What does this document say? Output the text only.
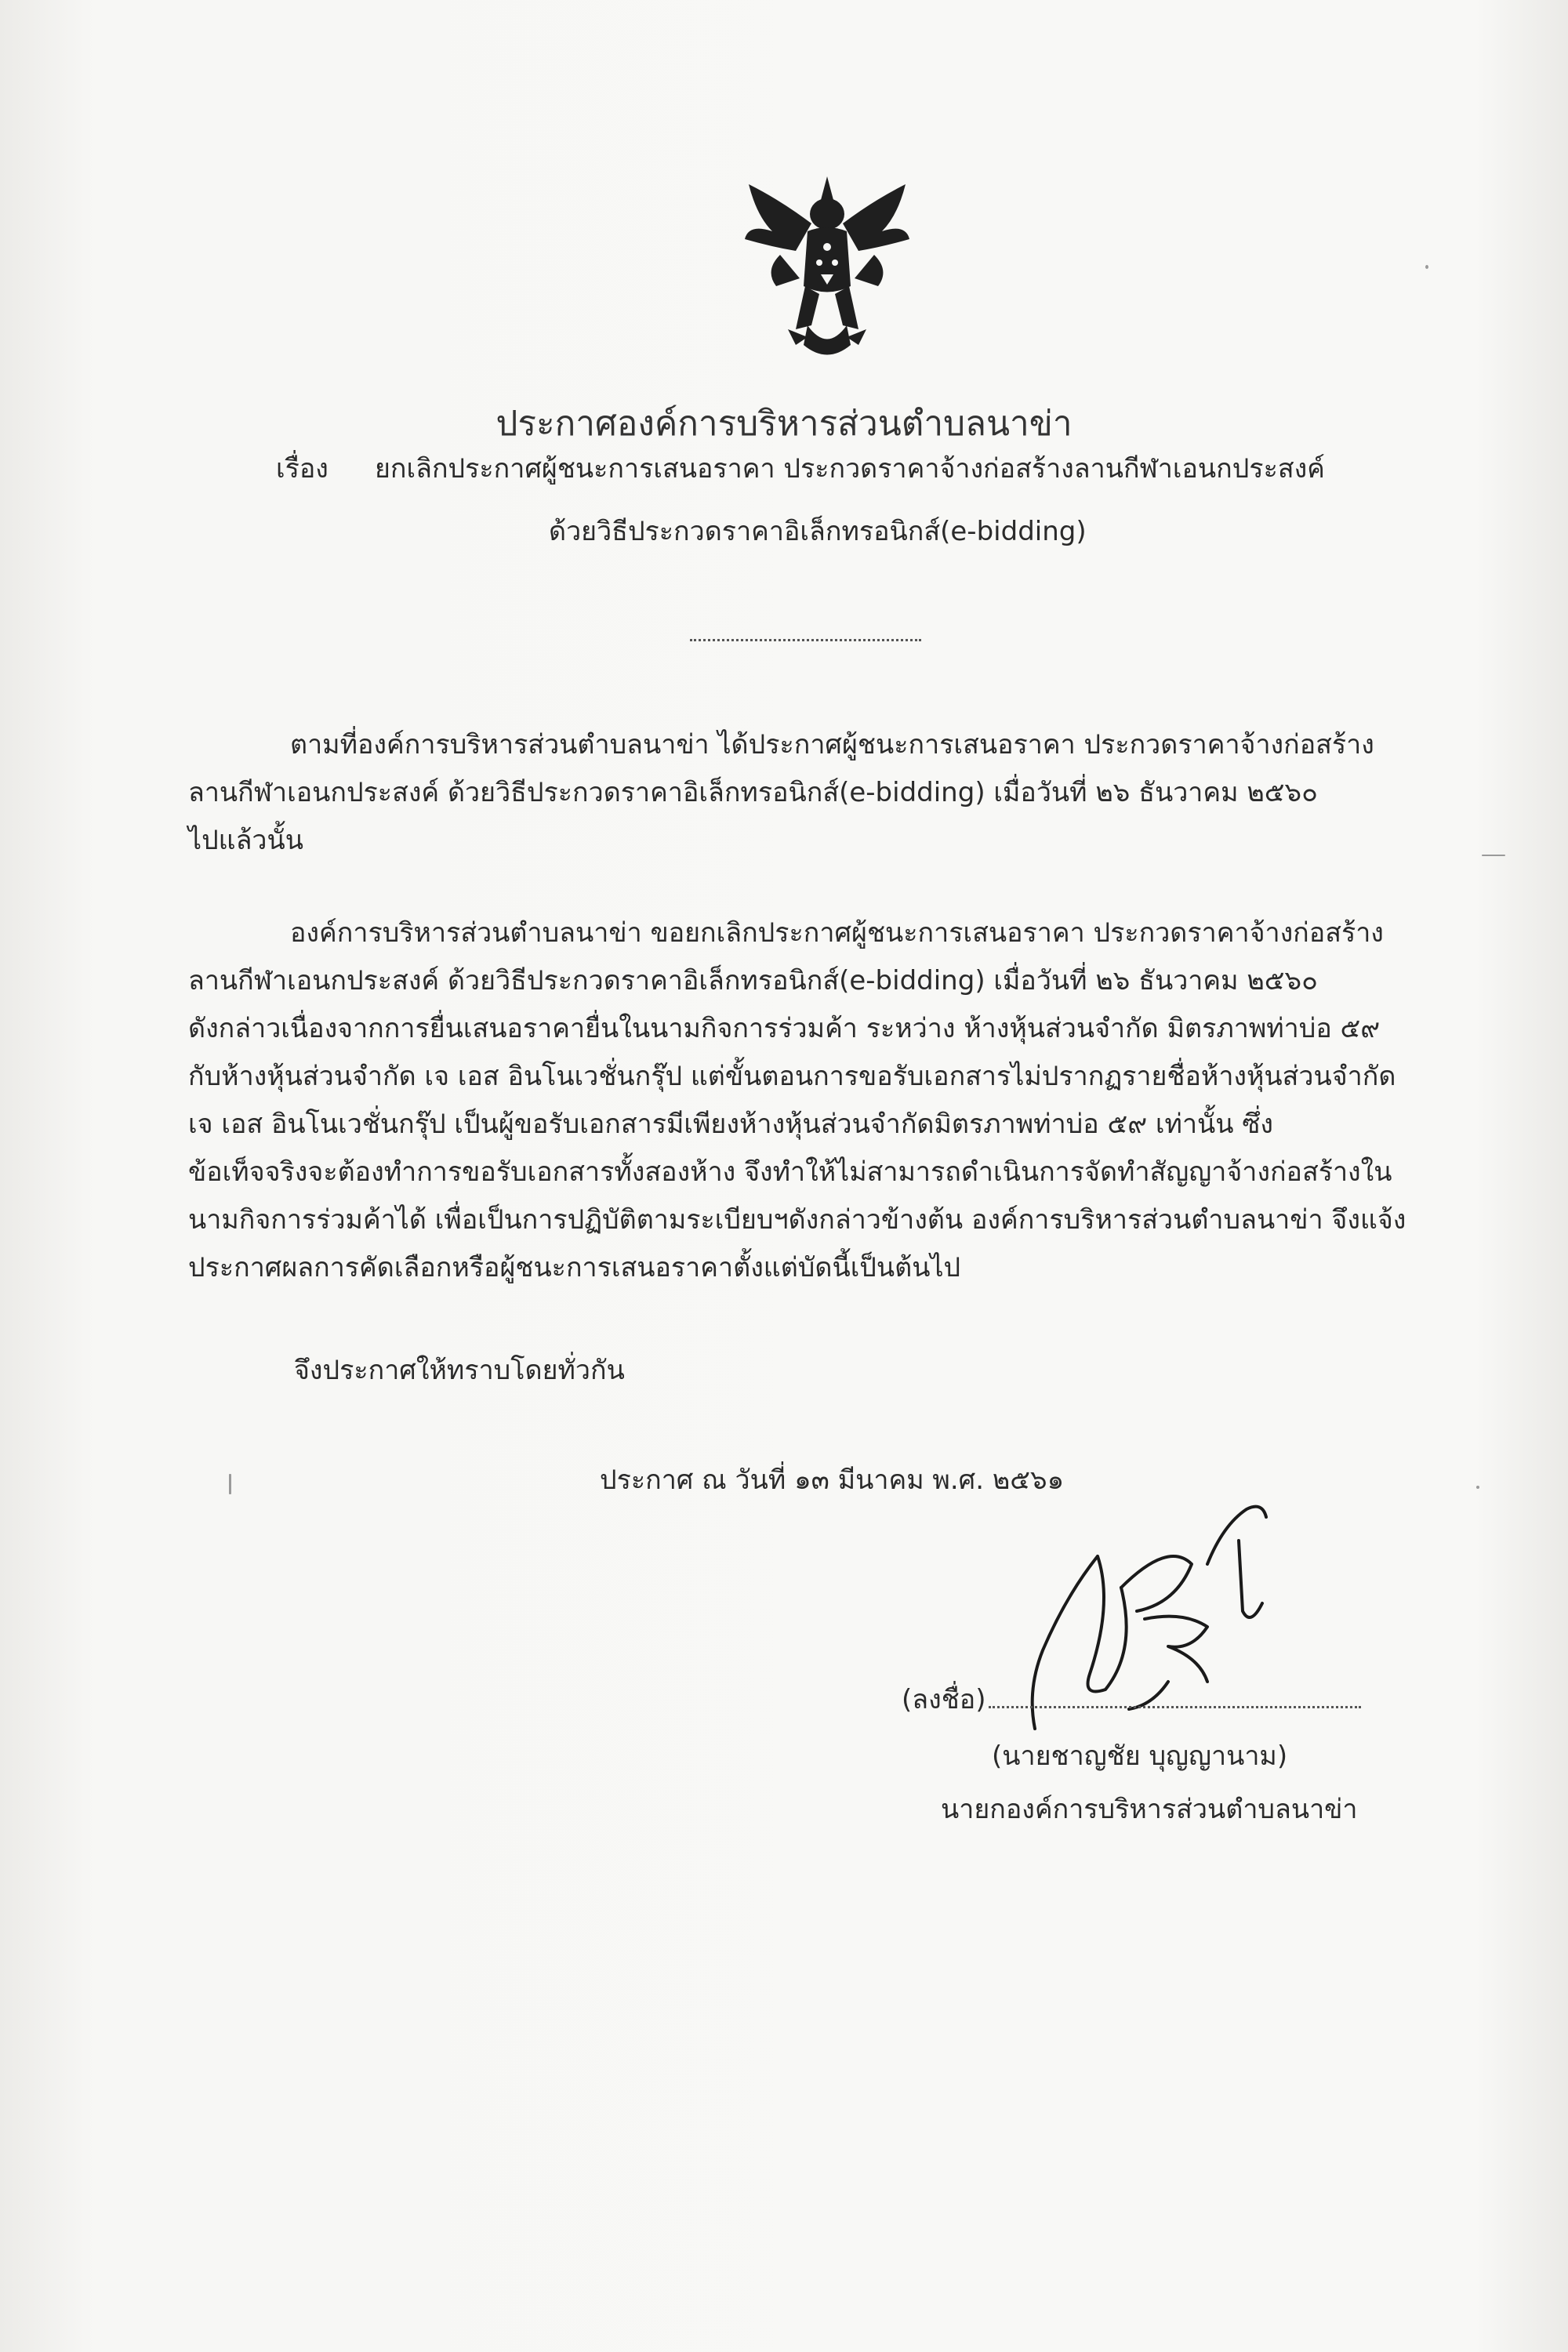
ประกาศองค์การบริหารส่วนตำบลนาข่า
เรื่อง ยกเลิกประกาศผู้ชนะการเสนอราคา ประกวดราคาจ้างก่อสร้างลานกีฬาเอนกประสงค์
ด้วยวิธีประกวดราคาอิเล็กทรอนิกส์(e-bidding)
ตามที่องค์การบริหารส่วนตำบลนาข่า ได้ประกาศผู้ชนะการเสนอราคา ประกวดราคาจ้างก่อสร้าง
ลานกีฬาเอนกประสงค์ ด้วยวิธีประกวดราคาอิเล็กทรอนิกส์(e-bidding) เมื่อวันที่ ๒๖ ธันวาคม ๒๕๖๐
ไปแล้วนั้น
องค์การบริหารส่วนตำบลนาข่า ขอยกเลิกประกาศผู้ชนะการเสนอราคา ประกวดราคาจ้างก่อสร้าง
ลานกีฬาเอนกประสงค์ ด้วยวิธีประกวดราคาอิเล็กทรอนิกส์(e-bidding) เมื่อวันที่ ๒๖ ธันวาคม ๒๕๖๐
ดังกล่าวเนื่องจากการยื่นเสนอราคายื่นในนามกิจการร่วมค้า ระหว่าง ห้างหุ้นส่วนจำกัด มิตรภาพท่าบ่อ ๕๙
กับห้างหุ้นส่วนจำกัด เจ เอส อินโนเวชั่นกรุ๊ป แต่ขั้นตอนการขอรับเอกสารไม่ปรากฏรายชื่อห้างหุ้นส่วนจำกัด
เจ เอส อินโนเวชั่นกรุ๊ป เป็นผู้ขอรับเอกสารมีเพียงห้างหุ้นส่วนจำกัดมิตรภาพท่าบ่อ ๕๙ เท่านั้น ซึ่ง
ข้อเท็จจริงจะต้องทำการขอรับเอกสารทั้งสองห้าง จึงทำให้ไม่สามารถดำเนินการจัดทำสัญญาจ้างก่อสร้างใน
นามกิจการร่วมค้าได้ เพื่อเป็นการปฏิบัติตามระเบียบฯดังกล่าวข้างต้น องค์การบริหารส่วนตำบลนาข่า จึงแจ้ง
ประกาศผลการคัดเลือกหรือผู้ชนะการเสนอราคาตั้งแต่บัดนี้เป็นต้นไป
จึงประกาศให้ทราบโดยทั่วกัน
ประกาศ ณ วันที่ ๑๓ มีนาคม พ.ศ. ๒๕๖๑
(ลงชื่อ)
(นายชาญชัย บุญญานาม)
นายกองค์การบริหารส่วนตำบลนาข่า
